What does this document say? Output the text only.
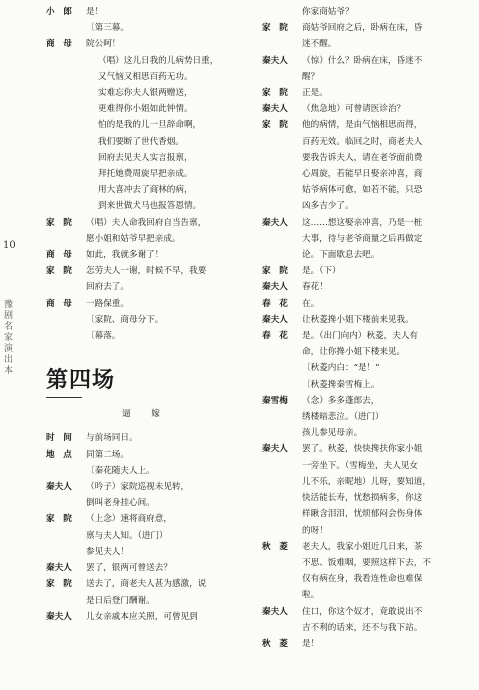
10
豫剧名家演出本
小　郎	是！
〔第三幕。
商　母	院公呵！
（唱）这儿日我的儿病势日重，
又气恼又相思百药无功。
实难忘你夫人银两赠送，
更难得你小姐如此钟情。
怕的是我的儿一旦辞命啊，
我们要断了世代香烟。
回府去见夫人实言报禀，
拜托她费周旋早把亲成。
用大喜冲去了商林的病，
到来世做犬马也报答恩情。
家　院	（唱）夫人命我回府自当告禀，
愿小姐和姑爷早把亲成。
商　母	如此，我就多谢了！
家　院	怎劳夫人一谢，时候不早，我要
回府去了。
商　母	一路保重。
〔家院、商母分下。
〔幕落。
第四场
逼　嫁
时　间	与前场同日。
地　点	同第二场。
〔秦花随夫人上。
秦夫人	（吟子）家院巡视未见转，
倒叫老身挂心间。
家　院	（上念）速将商府意，
禀与夫人知。（进门）
参见夫人！
秦夫人	罢了，银两可曾送去？
家　院	送去了，商老夫人甚为感激，说
是日后登门酬谢。
秦夫人	儿女亲戚本应关照，可曾见到
你家商姑爷？
家　院	商姑爷回府之后，卧病在床，昏
迷不醒。
秦夫人	（惊）什么？卧病在床，昏迷不
醒？
家　院	正是。
秦夫人	（焦急地）可曾请医诊治？
家　院	他的病情，是由气恼相思而得，
百药无效。临回之时，商老夫人
要我告诉夫人，请在老爷面前费
心周旋，若能早日娶亲冲喜，商
姑爷病体可愈，如若不能，只恐
凶多吉少了。
秦夫人	这……想这娶亲冲喜，乃是一桩
大事，待与老爷商量之后再做定
论。下面歇息去吧。
家　院	是。（下）
秦夫人	春花！
春　花	在。
秦夫人	让秋菱搀小姐下楼前来见我。
春　花	是。（出门向内）秋菱，夫人有
命，让你搀小姐下楼来见。
〔秋菱内白：“是！”
〔秋菱搀秦雪梅上。
秦雪梅	（念）多多蓬郎去，
绣楼暗悲泣。（进门）
孩儿参见母亲。
秦夫人	罢了。秋菱，快快搀扶你家小姐
一旁坐下。（雪梅坐，夫人见女
儿不乐，亲昵地）儿呀，要知道，
快活能长寿，忧愁损病多，你这
样瞅含泪泪，忧烦郁闷会伤身体
的呀！
秋　菱	老夫人，我家小姐近几日来，茶
不思、饭难咽，要照这样下去，不
仅有病在身，我看连性命也难保
啦。
秦夫人	住口，你这个奴才，竟敢说出不
吉不利的话来，还不与我下站。
秋　菱	是！
